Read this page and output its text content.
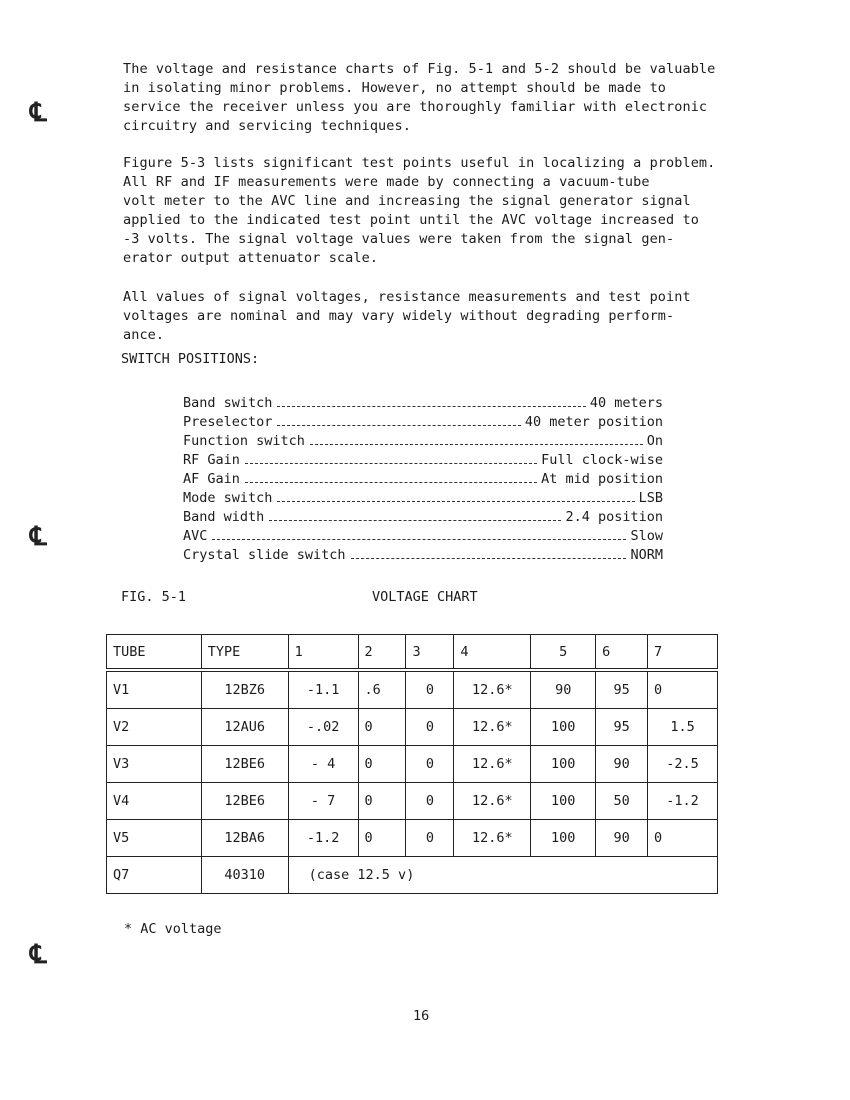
℄
℄
℄

The voltage and resistance charts of Fig. 5-1 and 5-2 should be valuable
in isolating minor problems. However, no attempt should be made to
service the receiver unless you are thoroughly familiar with electronic
circuitry and servicing techniques.

Figure 5-3 lists significant test points useful in localizing a problem.
All RF and IF measurements were made by connecting a vacuum-tube
volt meter to the AVC line and increasing the signal generator signal
applied to the indicated test point until the AVC voltage increased to
-3 volts. The signal voltage values were taken from the signal gen-
erator output attenuator scale.

All values of signal voltages, resistance measurements and test point
voltages are nominal and may vary widely without degrading perform-
ance.

SWITCH POSITIONS:
Band switch	40 meters
Preselector	40 meter position
Function switch	On
RF Gain	Full clock-wise
AF Gain	At mid position
Mode switch	LSB
Band width	2.4 position
AVC	Slow
Crystal slide switch	NORM
FIG. 5-1	VOLTAGE CHART
TUBE	TYPE	1	2	3	4	5	6	7
V1	12BZ6	-1.1	.6	0	12.6*	90	95	0
V2	12AU6	-.02	0	0	12.6*	100	95	1.5
V3	12BE6	- 4	0	0	12.6*	100	90	-2.5
V4	12BE6	- 7	0	0	12.6*	100	50	-1.2
V5	12BA6	-1.2	0	0	12.6*	100	90	0
Q7	40310	(case 12.5 v)						
* AC voltage
16
